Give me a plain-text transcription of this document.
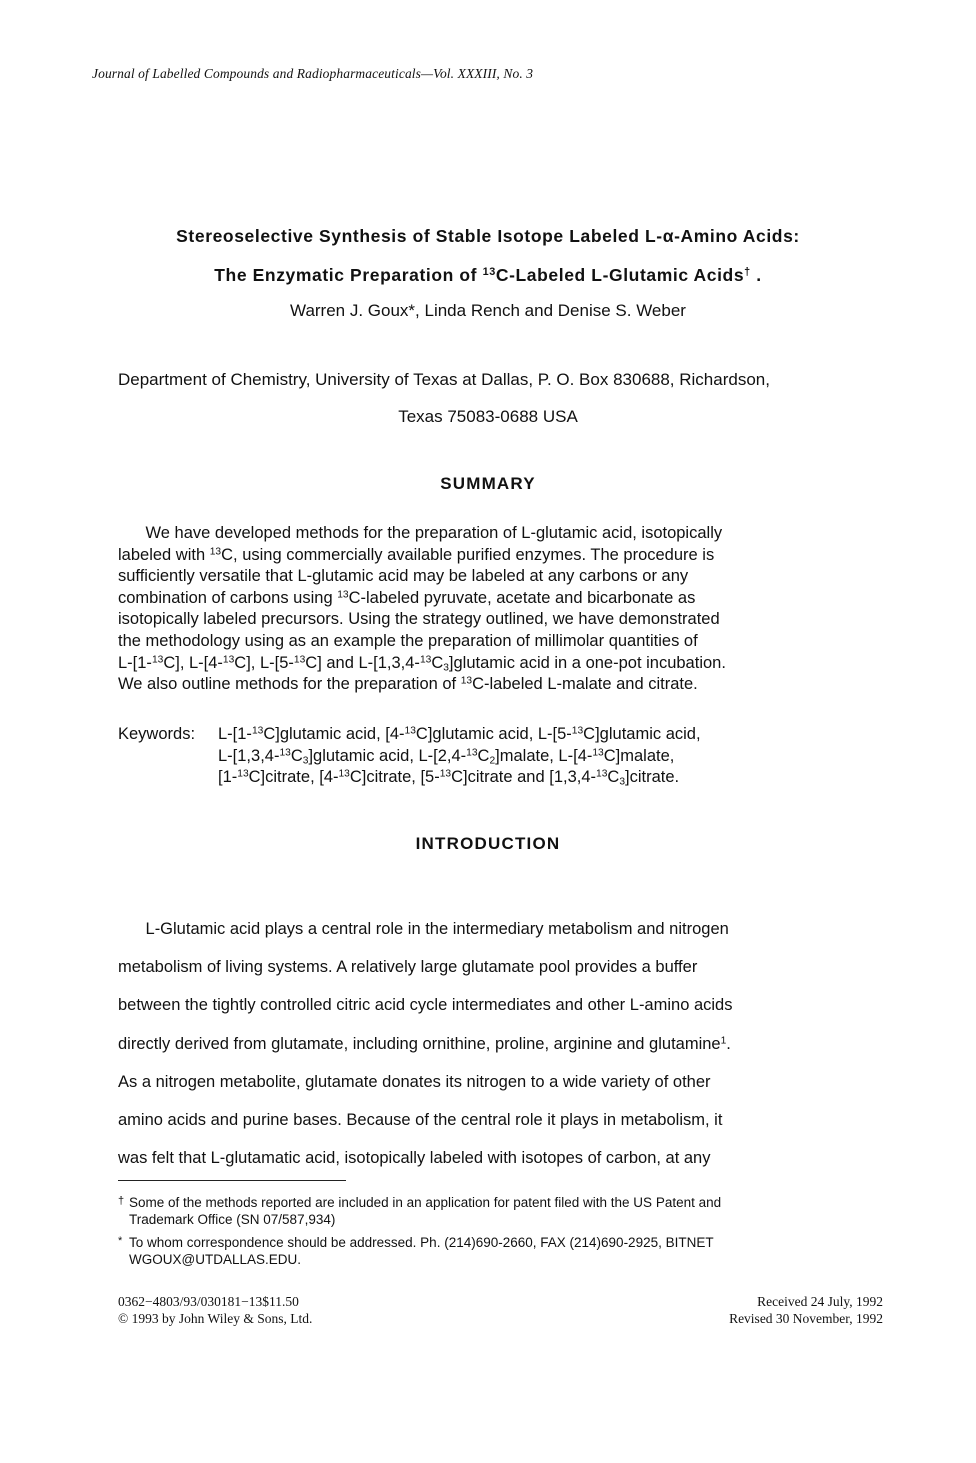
Journal of Labelled Compounds and Radiopharmaceuticals—Vol. XXXIII, No. 3
Stereoselective Synthesis of Stable Isotope Labeled L-α-Amino Acids:
The Enzymatic Preparation of $^{13}$C-Labeled L-Glutamic Acids† .
Warren J. Goux*, Linda Rench and Denise S. Weber
Department of Chemistry, University of Texas at Dallas, P. O. Box 830688, Richardson,
Texas 75083-0688 USA
SUMMARY
We have developed methods for the preparation of L-glutamic acid, isotopically
labeled with $^{13}$C, using commercially available purified enzymes. The procedure is
sufficiently versatile that L-glutamic acid may be labeled at any carbons or any
combination of carbons using $^{13}$C-labeled pyruvate, acetate and bicarbonate as
isotopically labeled precursors. Using the strategy outlined, we have demonstrated
the methodology using as an example the preparation of millimolar quantities of
L-[1-$^{13}$C], L-[4-$^{13}$C], L-[5-$^{13}$C] and $L-[1,3,4-^{13}C_3]glutamic$ acid in a one-pot incubation.
We also outline methods for the preparation of $^{13}$C-labeled L-malate and citrate.
Keywords: L-[1-$^{13}$C]glutamic acid, [4-$^{13}$C]glutamic acid, L-[5-$^{13}$C]glutamic acid,
$L-[1,3,4-^{13}C_3]glutamic$ acid, $L-[2,4-^{13}C_2]malate$, L-[4-$^{13}$C]malate,
[1-$^{13}$C]citrate, [4-$^{13}$C]citrate, [5-$^{13}$C]citrate and $[1,3,4-^{13}C_3]citrate$.
INTRODUCTION
L-Glutamic acid plays a central role in the intermediary metabolism and nitrogen
metabolism of living systems. A relatively large glutamate pool provides a buffer
between the tightly controlled citric acid cycle intermediates and other L-amino acids
directly derived from glutamate, including ornithine, proline, arginine and glutamine$^1$.
As a nitrogen metabolite, glutamate donates its nitrogen to a wide variety of other
amino acids and purine bases. Because of the central role it plays in metabolism, it
was felt that L-glutamatic acid, isotopically labeled with isotopes of carbon, at any
† Some of the methods reported are included in an application for patent filed with the US Patent and
Trademark Office (SN 07/587,934)
* To whom correspondence should be addressed. Ph. (214)690-2660, FAX (214)690-2925, BITNET
WGOUX@UTDALLAS.EDU.
0362−4803/93/030181−13$11.50
© 1993 by John Wiley & Sons, Ltd.
Received 24 July, 1992
Revised 30 November, 1992
